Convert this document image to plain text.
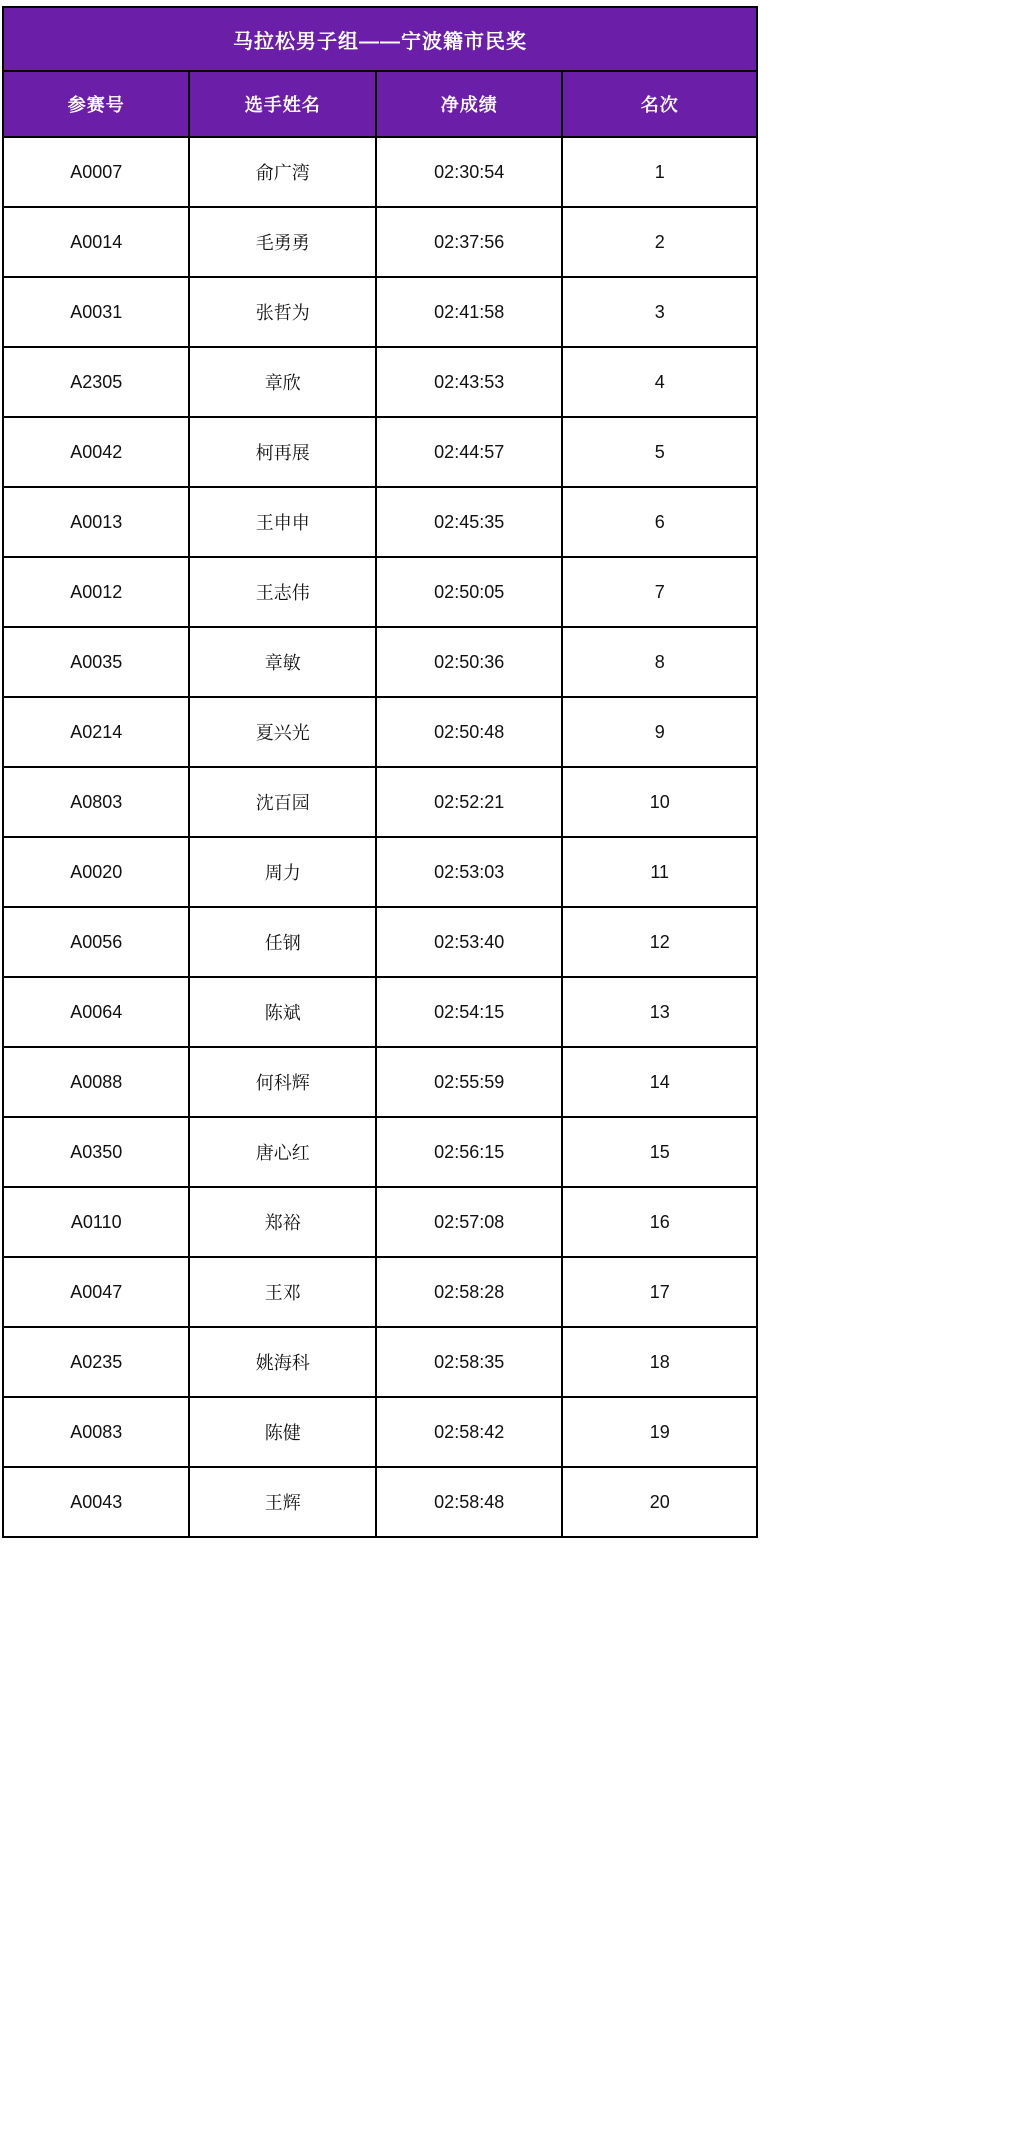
马拉松男子组——宁波籍市民奖			
参赛号	选手姓名	净成绩	名次
A0007	俞广湾	02:30:54	1
A0014	毛勇勇	02:37:56	2
A0031	张哲为	02:41:58	3
A2305	章欣	02:43:53	4
A0042	柯再展	02:44:57	5
A0013	王申申	02:45:35	6
A0012	王志伟	02:50:05	7
A0035	章敏	02:50:36	8
A0214	夏兴光	02:50:48	9
A0803	沈百园	02:52:21	10
A0020	周力	02:53:03	11
A0056	任钢	02:53:40	12
A0064	陈斌	02:54:15	13
A0088	何科辉	02:55:59	14
A0350	唐心红	02:56:15	15
A0110	郑裕	02:57:08	16
A0047	王邓	02:58:28	17
A0235	姚海科	02:58:35	18
A0083	陈健	02:58:42	19
A0043	王辉	02:58:48	20
